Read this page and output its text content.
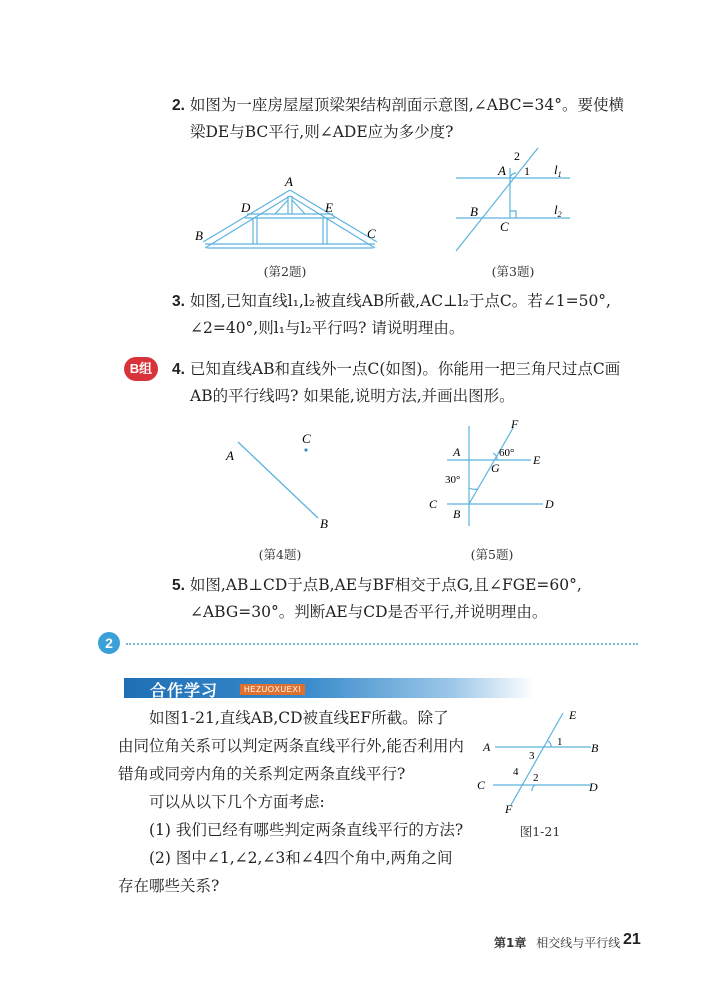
2. 如图为一座房屋屋顶梁架结构剖面示意图,∠ABC=34°。要使横
梁DE与BC平行,则∠ADE应为多少度?
A
B	C
D	E
(第2题)
2
1
A
B
C
$l_1$
$l_2$
(第3题)
3. 如图,已知直线l₁,l₂被直线AB所截,AC⊥l₂于点C。若∠1=50°,
∠2=40°,则l₁与l₂平行吗? 请说明理由。
B组	4. 已知直线AB和直线外一点C(如图)。你能用一把三角尺过点C画
AB的平行线吗? 如果能,说明方法,并画出图形。
A
C
B
(第4题)
F
A	60° E
G
30°
C
B
D
(第5题)
5. 如图,AB⊥CD于点B,AE与BF相交于点G,且∠FGE=60°,
∠ABG=30°。判断AE与CD是否平行,并说明理由。
2
合作学习	HEZUOXUEXI
如图1-21,直线AB,CD被直线EF所截。除了
由同位角关系可以判定两条直线平行外,能否利用内
错角或同旁内角的关系判定两条直线平行?
可以从以下几个方面考虑:
(1) 我们已经有哪些判定两条直线平行的方法?
(2) 图中∠1,∠2,∠3和∠4四个角中,两角之间
存在哪些关系?
E
A	B
1
3
4 2
C	D
F
图1-21
第1章 相交线与平行线 21
